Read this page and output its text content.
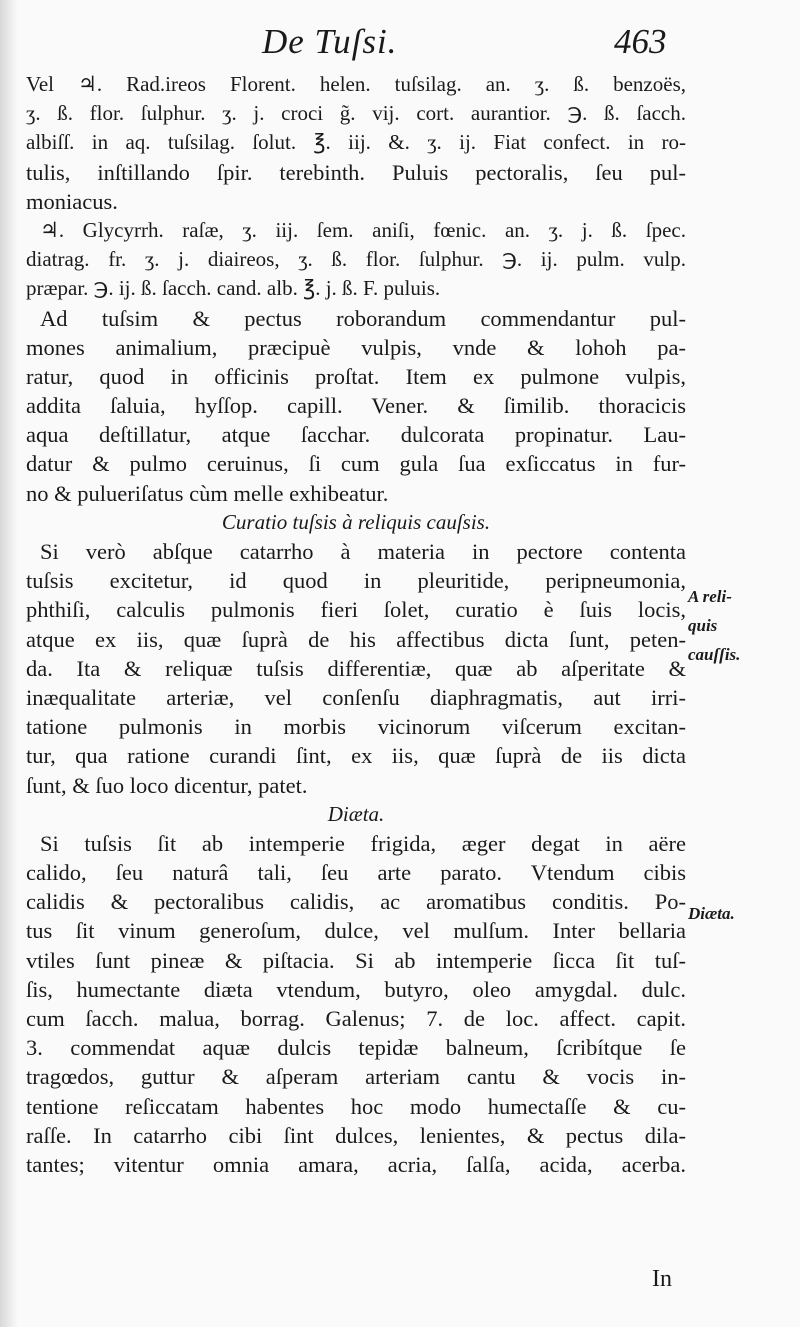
De Tuſsi.	463
Vel ♃. Rad.ireos Florent. helen. tuſsilag. an. ʒ. ß. benzoës,
ʒ. ß. flor. ſulphur. ʒ. j. croci g̃. vij. cort. aurantior. ℈. ß. ſacch.
albiſſ. in aq. tuſsilag. ſolut. ℥. iij. &. ʒ. ij. Fiat confect. in ro-
tulis, inſtillando ſpir. terebinth. Puluis pectoralis, ſeu pul-
moniacus.
♃. Glycyrrh. raſæ, ʒ. iij. ſem. aniſi, fœnic. an. ʒ. j. ß. ſpec.
diatrag. fr. ʒ. j. diaireos, ʒ. ß. flor. ſulphur. ℈. ij. pulm. vulp.
præpar. ℈. ij. ß. ſacch. cand. alb. ℥. j. ß. F. puluis.
Ad tuſsim & pectus roborandum commendantur pul-
mones animalium, præcipuè vulpis, vnde & lohoh pa-
ratur, quod in officinis proſtat. Item ex pulmone vulpis,
addita ſaluia, hyſſop. capill. Vener. & ſimilib. thoracicis
aqua deſtillatur, atque ſacchar. dulcorata propinatur. Lau-
datur & pulmo ceruinus, ſi cum gula ſua exſiccatus in fur-
no & pulueriſatus cùm melle exhibeatur.
Curatio tuſsis à reliquis cauſsis.
Si verò abſque catarrho à materia in pectore contenta
tuſsis excitetur, id quod in pleuritide, peripneumonia,
phthiſi, calculis pulmonis fieri ſolet, curatio è ſuis locis,
atque ex iis, quæ ſuprà de his affectibus dicta ſunt, peten-
da. Ita & reliquæ tuſsis differentiæ, quæ ab aſperitate &
inæqualitate arteriæ, vel conſenſu diaphragmatis, aut irri-
tatione pulmonis in morbis vicinorum viſcerum excitan-
tur, qua ratione curandi ſint, ex iis, quæ ſuprà de iis dicta
ſunt, & ſuo loco dicentur, patet.
Diæta.
Si tuſsis ſit ab intemperie frigida, æger degat in aëre
calido, ſeu naturâ tali, ſeu arte parato. Vtendum cibis
calidis & pectoralibus calidis, ac aromatibus conditis. Po-
tus ſit vinum generoſum, dulce, vel mulſum. Inter bellaria
vtiles ſunt pineæ & piſtacia. Si ab intemperie ſicca ſit tuſ-
ſis, humectante diæta vtendum, butyro, oleo amygdal. dulc.
cum ſacch. malua, borrag. Galenus; 7. de loc. affect. capit.
3. commendat aquæ dulcis tepidæ balneum, ſcribítque ſe
tragœdos, guttur & aſperam arteriam cantu & vocis in-
tentione reſiccatam habentes hoc modo humectaſſe & cu-
raſſe. In catarrho cibi ſint dulces, lenientes, & pectus dila-
tantes; vitentur omnia amara, acria, ſalſa, acida, acerba.
A reli-
quis
cauſſis.
Diæta.
In
